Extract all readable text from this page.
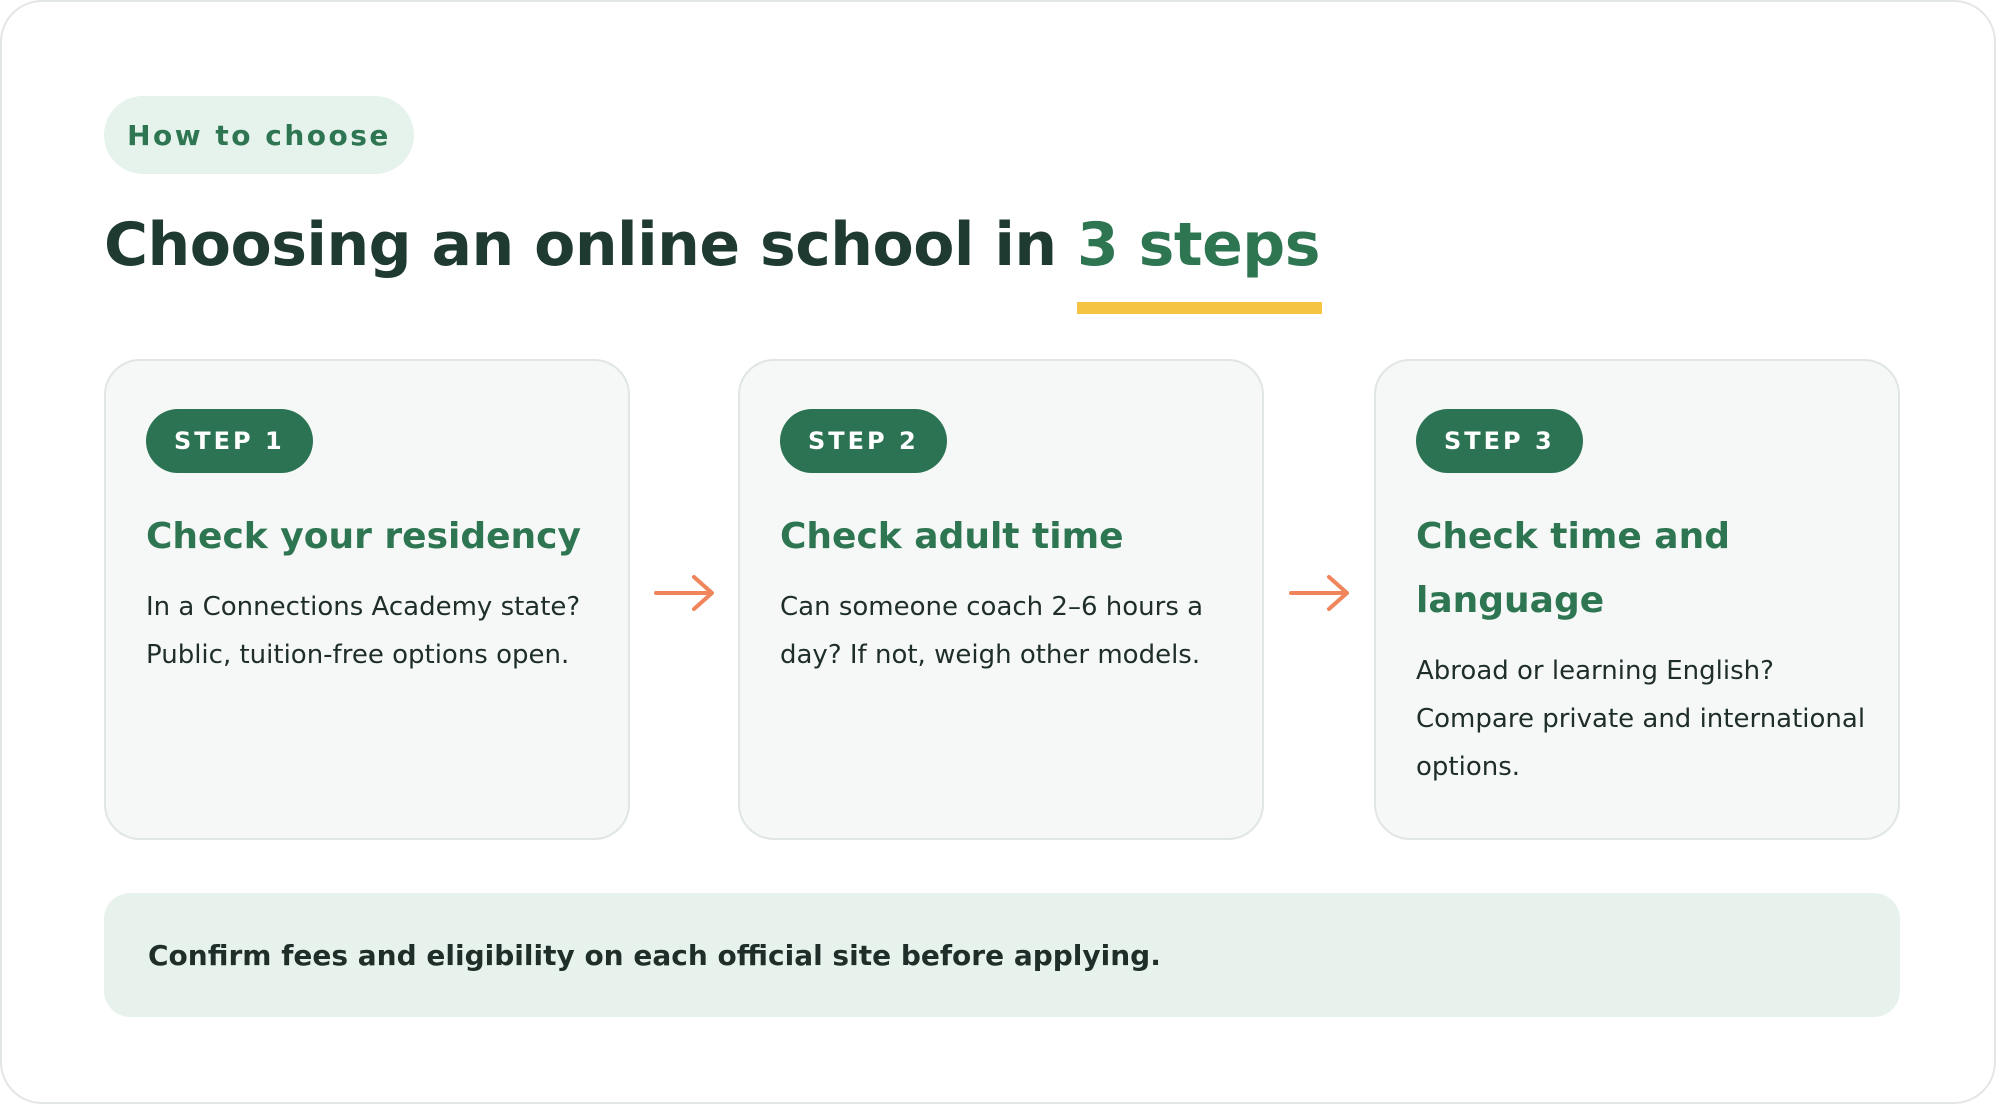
How to choose
Choosing an online school in 3 steps
STEP 1
Check your residency
In a Connections Academy state? Public, tuition-free options open.
STEP 2
Check adult time
Can someone coach 2–6 hours a day? If not, weigh other models.
STEP 3
Check time and language
Abroad or learning English? Compare private and international options.
Confirm fees and eligibility on each official site before applying.
